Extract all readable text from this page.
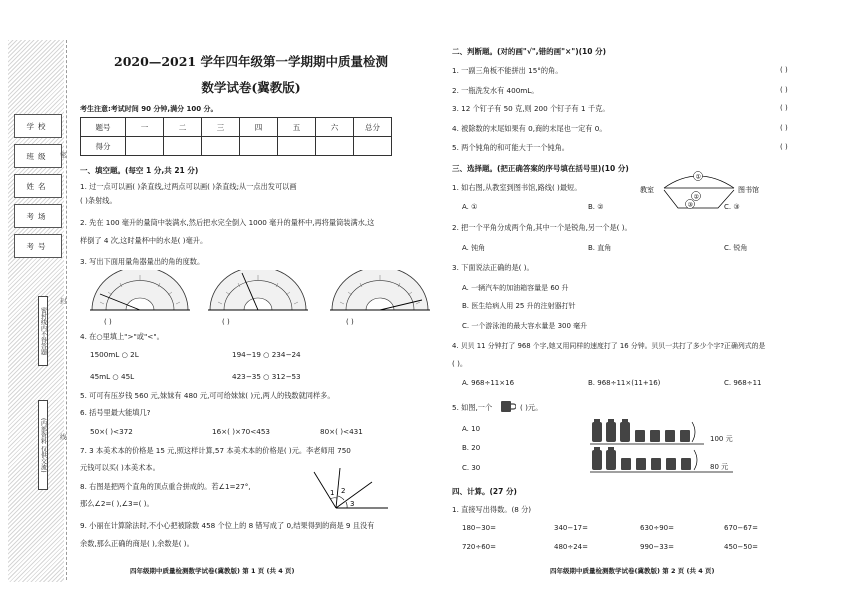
学校
班级
姓名
考场
考号
密封线内不得答题
(内部资料 仅供交流)
密
封
线
2020—2021 学年四年级第一学期期中质量检测
数学试卷(冀教版)
考生注意:考试时间 90 分钟,满分 100 分。
题号	一	二	三	四	五	六	总分
得分							
一、填空题。(每空 1 分,共 21 分)
1. 过一点可以画( )条直线,过两点可以画( )条直线;从一点出发可以画
( )条射线。
2. 先在 100 毫升的量筒中装满水,然后把水完全倒入 1000 毫升的量杯中,再将量筒装满水,这
样倒了 4 次,这时量杯中的水是( )毫升。
3. 写出下面用量角器量出的角的度数。
( )	( )	( )
4. 在○里填上">"或"<"。
1500mL ○ 2L	194−19 ○ 234−24
45mL ○ 45L	423−35 ○ 312−53
5. 可可有压岁钱 560 元,妹妹有 480 元,可可给妹妹( )元,两人的钱数就同样多。
6. 括号里最大能填几?
50×( )<372	16×( )×70<453	80×( )<431
7. 3 本美术本的价格是 15 元,照这样计算,57 本美术本的价格是( )元。李老师用 750
元钱可以买( )本美术本。
8. 右图是把两个直角的顶点重合拼成的。若∠1=27°,
那么∠2=( ),∠3=( )。
1 2
3
9. 小丽在计算除法时,不小心把被除数 458 个位上的 8 错写成了 0,结果得到的商是 9 且没有
余数,那么正确的商是( ),余数是( )。
四年级期中质量检测数学试卷(冀教版) 第 1 页 (共 4 页)
二、判断题。(对的画"√",错的画"×")(10 分)
1. 一副三角板不能拼出 15°的角。	( )
2. 一瓶洗发水有 400mL。	( )
3. 12 个钉子有 50 克,则 200 个钉子有 1 千克。	( )
4. 被除数的末尾如果有 0,商的末尾也一定有 0。	( )
5. 两个钝角的和可能大于一个钝角。	( )
三、选择题。(把正确答案的序号填在括号里)(10 分)
1. 如右图,从教室到图书馆,路线( )最短。
A. ①	B. ②	C. ③
教室	图书馆
①
②
③
2. 把一个平角分成两个角,其中一个是锐角,另一个是( )。
A. 钝角	B. 直角	C. 锐角
3. 下面说法正确的是( )。
A. 一辆汽车的加油箱容量是 60 升
B. 医生给病人用 25 升的注射器打针
C. 一个游泳池的最大容水量是 300 毫升
4. 贝贝 11 分钟打了 968 个字,她又用同样的速度打了 16 分钟。贝贝一共打了多少个字?正确列式的是
( )。
A. 968÷11×16	B. 968÷11×(11+16)	C. 968÷11
5. 如图,一个	( )元。
A. 10
B. 20
C. 30
100 元
80 元
四、计算。(27 分)
1. 直接写出得数。(8 分)
180−30=	340−17=	630÷90=	670−67=
720÷60=	480÷24=	990−33=	450−50=
四年级期中质量检测数学试卷(冀教版) 第 2 页 (共 4 页)
